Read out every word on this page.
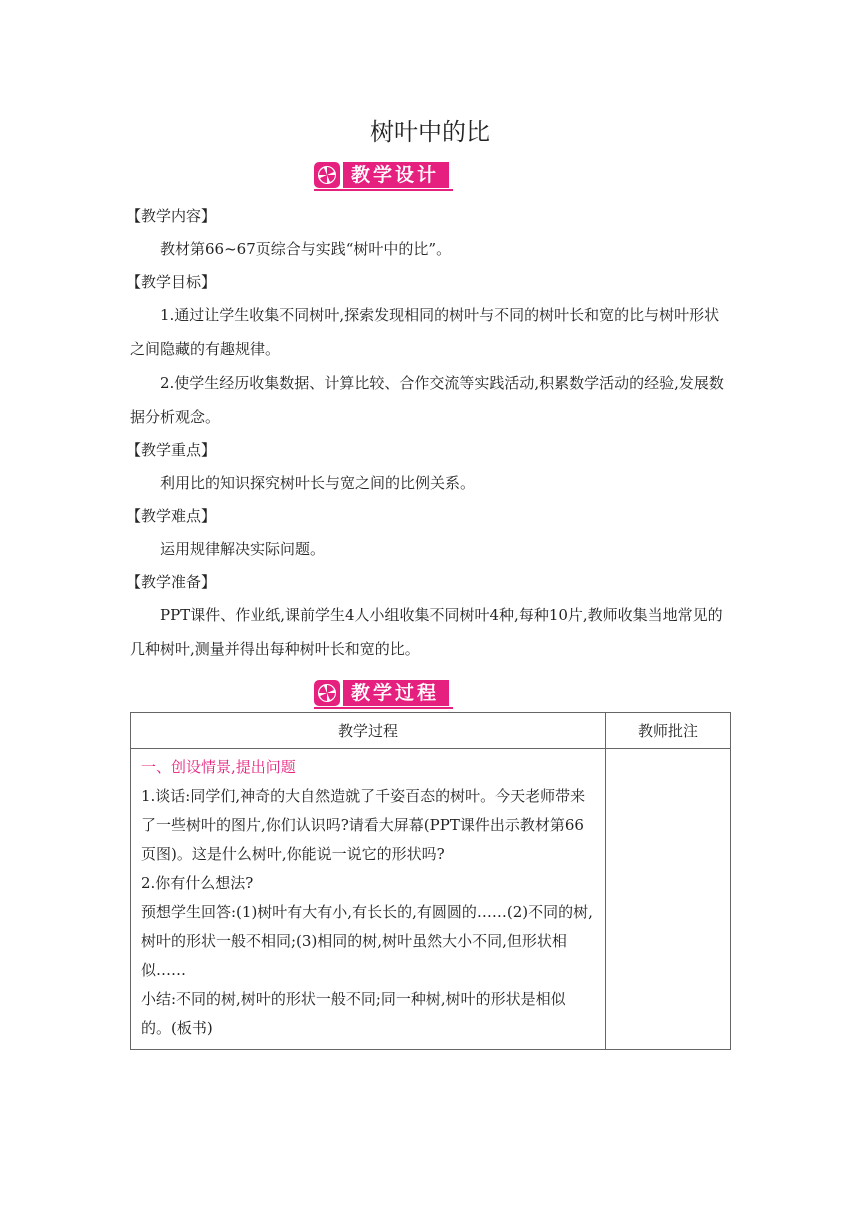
树叶中的比
教学设计
【教学内容】
教材第66~67页综合与实践“树叶中的比”。
【教学目标】
1.通过让学生收集不同树叶,探索发现相同的树叶与不同的树叶长和宽的比与树叶形状之间隐藏的有趣规律。
2.使学生经历收集数据、计算比较、合作交流等实践活动,积累数学活动的经验,发展数据分析观念。
【教学重点】
利用比的知识探究树叶长与宽之间的比例关系。
【教学难点】
运用规律解决实际问题。
【教学准备】
PPT课件、作业纸,课前学生4人小组收集不同树叶4种,每种10片,教师收集当地常见的几种树叶,测量并得出每种树叶长和宽的比。
教学过程
教学过程	教师批注

一、创设情景,提出问题
1.谈话:同学们,神奇的大自然造就了千姿百态的树叶。今天老师带来了一些树叶的图片,你们认识吗?请看大屏幕(PPT课件出示教材第66页图)。这是什么树叶,你能说一说它的形状吗?
2.你有什么想法?
预想学生回答:(1)树叶有大有小,有长长的,有圆圆的……(2)不同的树,树叶的形状一般不相同;(3)相同的树,树叶虽然大小不同,但形状相似……
小结:不同的树,树叶的形状一般不同;同一种树,树叶的形状是相似的。(板书)	
